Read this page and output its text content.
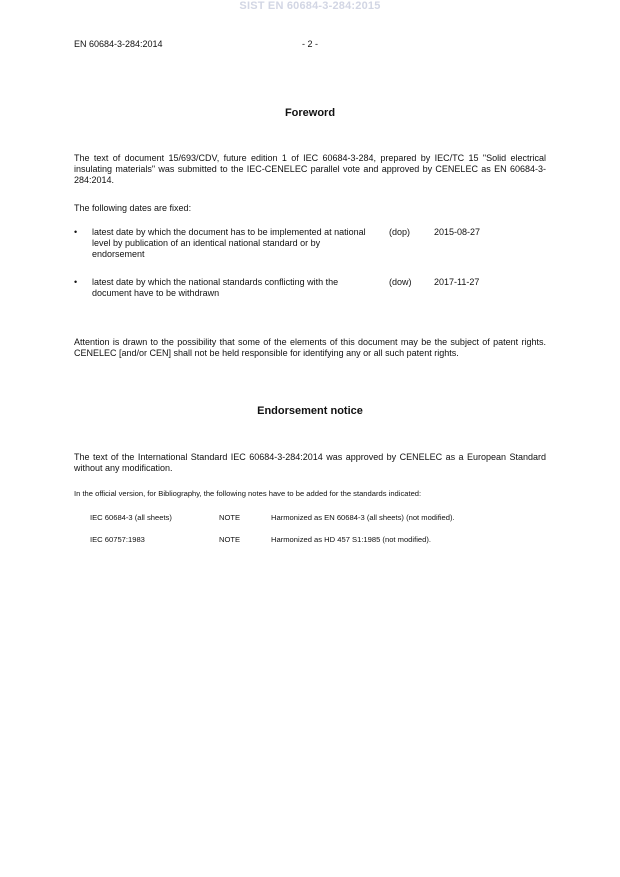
SIST EN 60684-3-284:2015
EN 60684-3-284:2014	- 2 -
Foreword

The text of document 15/693/CDV, future edition 1 of IEC 60684-3-284, prepared by IEC/TC 15 "Solid electrical insulating materials" was submitted to the IEC-CENELEC parallel vote and approved by CENELEC as EN 60684-3-284:2014.

The following dates are fixed:

• latest date by which the document has to be implemented at national level by publication of an identical national standard or by endorsement
(dop)	2015-08-27
• latest date by which the national standards conflicting with the document have to be withdrawn
(dow) 2017-11-27

Attention is drawn to the possibility that some of the elements of this document may be the subject of patent rights. CENELEC [and/or CEN] shall not be held responsible for identifying any or all such patent rights.

Endorsement notice

The text of the International Standard IEC 60684-3-284:2014 was approved by CENELEC as a European Standard without any modification.

In the official version, for Bibliography, the following notes have to be added for the standards indicated:
IEC 60684-3 (all sheets)	NOTE	Harmonized as EN 60684-3 (all sheets) (not modified).
IEC 60757:1983	NOTE	Harmonized as HD 457 S1:1985 (not modified).
